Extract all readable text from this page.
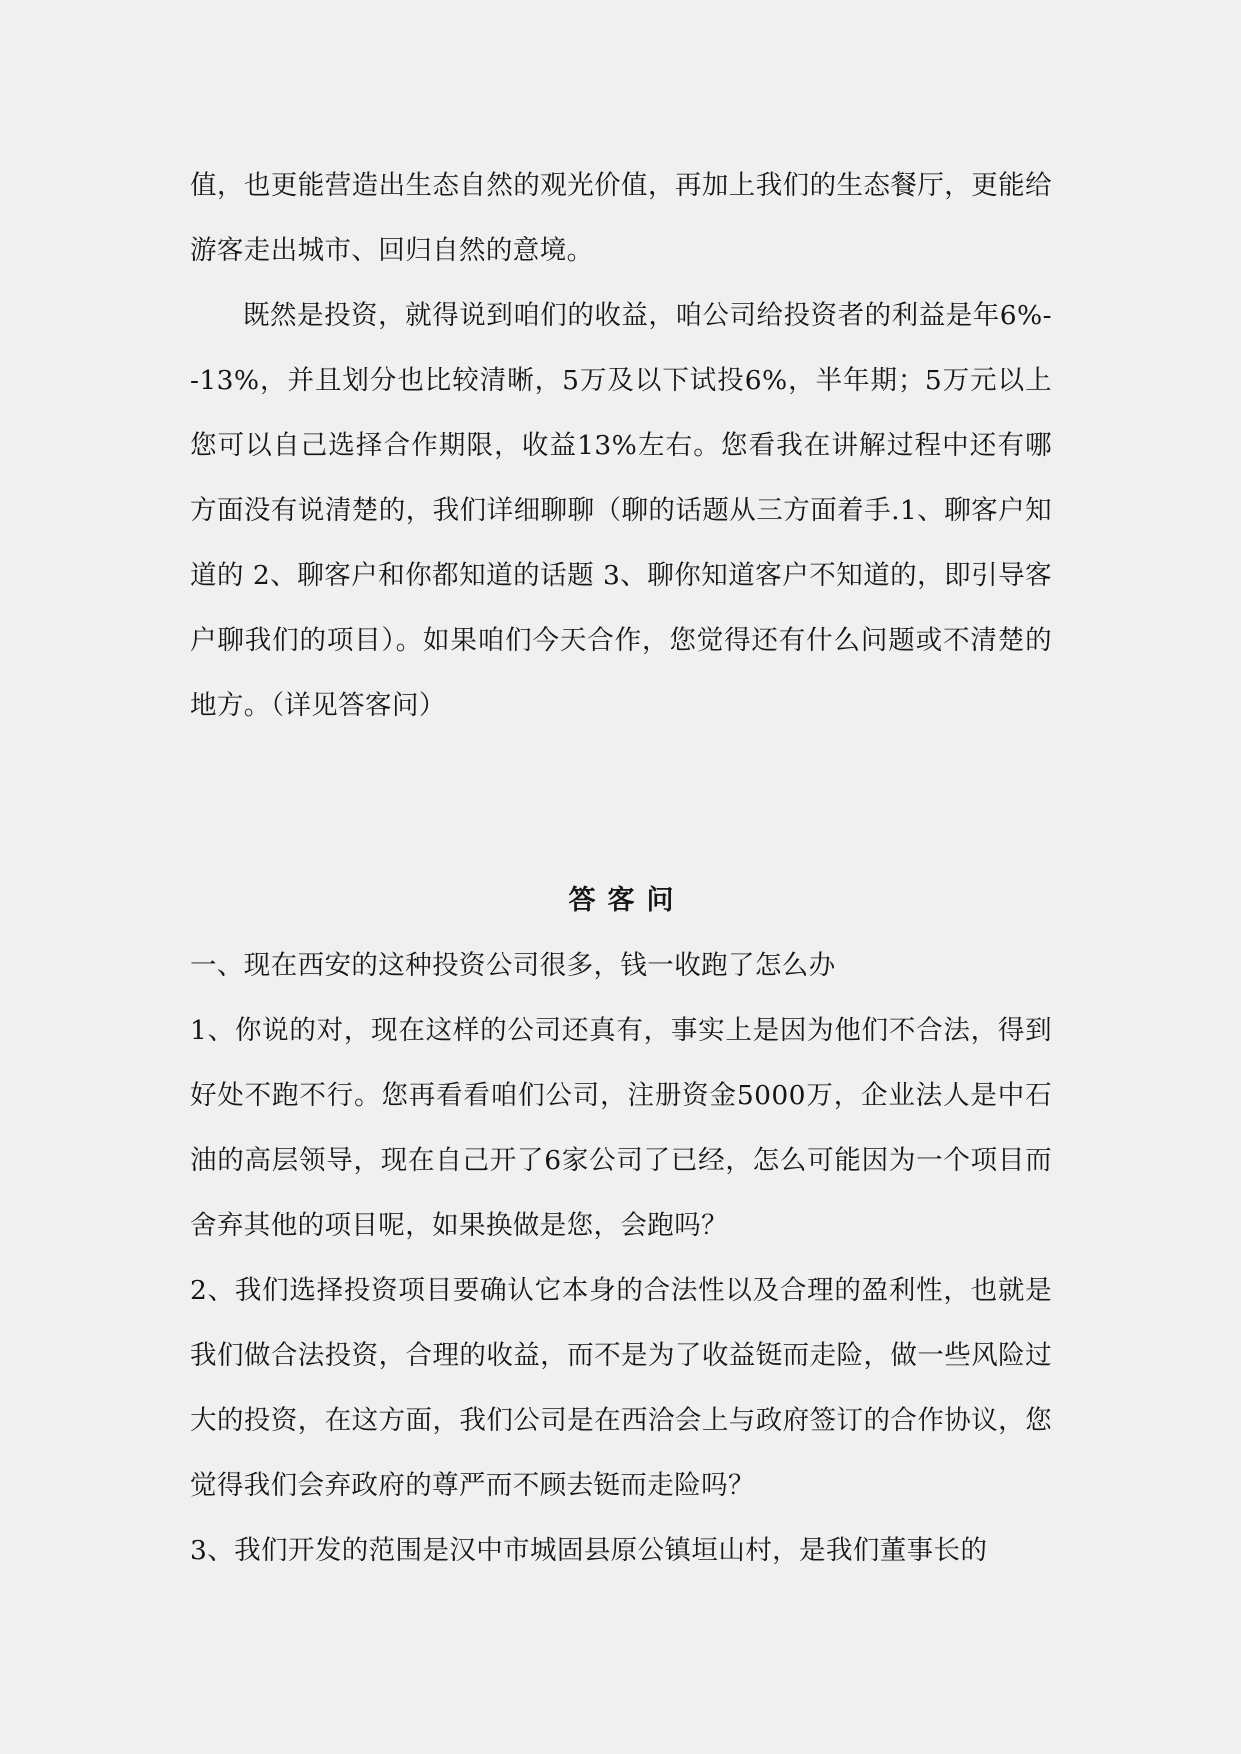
值，也更能营造出生态自然的观光价值，再加上我们的生态餐厅，更能给游客走出城市、回归自然的意境。

既然是投资，就得说到咱们的收益，咱公司给投资者的利益是年6%--13%，并且划分也比较清晰，5万及以下试投6%，半年期；5万元以上您可以自己选择合作期限，收益13%左右。您看我在讲解过程中还有哪方面没有说清楚的，我们详细聊聊（聊的话题从三方面着手.1、聊客户知道的 2、聊客户和你都知道的话题 3、聊你知道客户不知道的，即引导客户聊我们的项目）。如果咱们今天合作，您觉得还有什么问题或不清楚的地方。（详见答客问）

答客问

一、现在西安的这种投资公司很多，钱一收跑了怎么办

1、你说的对，现在这样的公司还真有，事实上是因为他们不合法，得到好处不跑不行。您再看看咱们公司，注册资金5000万，企业法人是中石油的高层领导，现在自己开了6家公司了已经，怎么可能因为一个项目而舍弃其他的项目呢，如果换做是您，会跑吗？

2、我们选择投资项目要确认它本身的合法性以及合理的盈利性，也就是我们做合法投资，合理的收益，而不是为了收益铤而走险，做一些风险过大的投资，在这方面，我们公司是在西洽会上与政府签订的合作协议，您觉得我们会弃政府的尊严而不顾去铤而走险吗？

3、我们开发的范围是汉中市城固县原公镇垣山村，是我们董事长的
